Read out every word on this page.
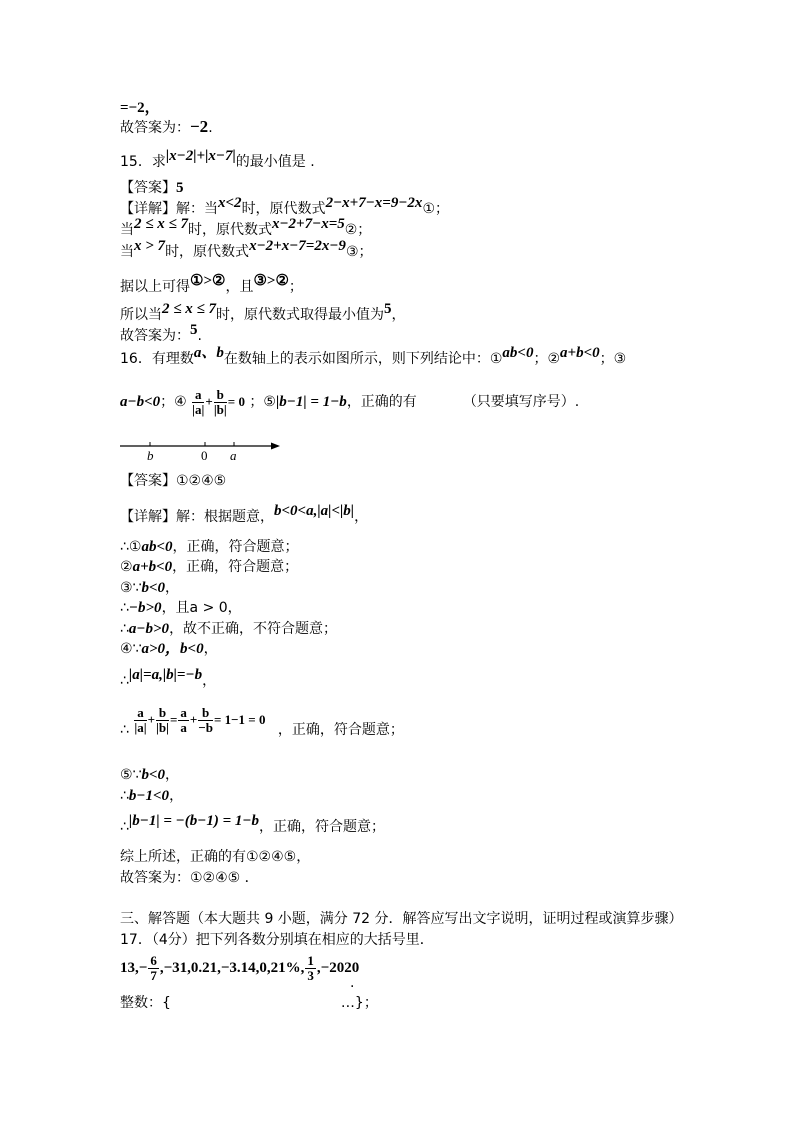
=−2，
故答案为：−2.
15．求|x−2|+|x−7|的最小值是 .
【答案】5
【详解】解：当x<2时，原代数式2−x+7−x=9−2x①；
当2 ≤ x ≤ 7时，原代数式x−2+7−x=5②；
当x > 7时，原代数式x−2+x−7=2x−9③；
据以上可得①>②，且③>②；
所以当2 ≤ x ≤ 7时，原代数式取得最小值为5，
故答案为：5.
16．有理数a、b在数轴上的表示如图所示，则下列结论中：①ab<0；②a+b<0；③
a−b<0；④ $\frac{a}{|a|} + \frac{b}{|b|} = 0$ ；⑤|b−1| = 1−b，正确的有	（只要填写序号）.
b	0 a
【答案】①②④⑤
【详解】解：根据题意，b<0<a,|a|<|b|，
∴①ab<0，正确，符合题意；
②a+b<0，正确，符合题意；
③∵b<0，
∴−b>0，且a > 0，
∴a−b>0，故不正确，不符合题意；
④∵a>0，b<0，
∴|a|=a,|b|=−b，
∴ $\frac{a}{|a|} + \frac{b}{|b|} = \frac{a}{a} + \frac{b}{-b} = 1-1 = 0$ ，正确，符合题意；
⑤∵b<0，
∴b−1<0，
∴|b−1| = −(b−1) = 1−b，正确，符合题意；
综上所述，正确的有①②④⑤，
故答案为：①②④⑤ ．
三、解答题（本大题共 9 小题，满分 72 分．解答应写出文字说明，证明过程或演算步骤）
17．（4分）把下列各数分别填在相应的大括号里．
$13,- \frac{6}{7} ,-31,0.21,-3.14,0,21\%$, $\frac{1}{3} ,-2020$
.
整数：{	…}；
